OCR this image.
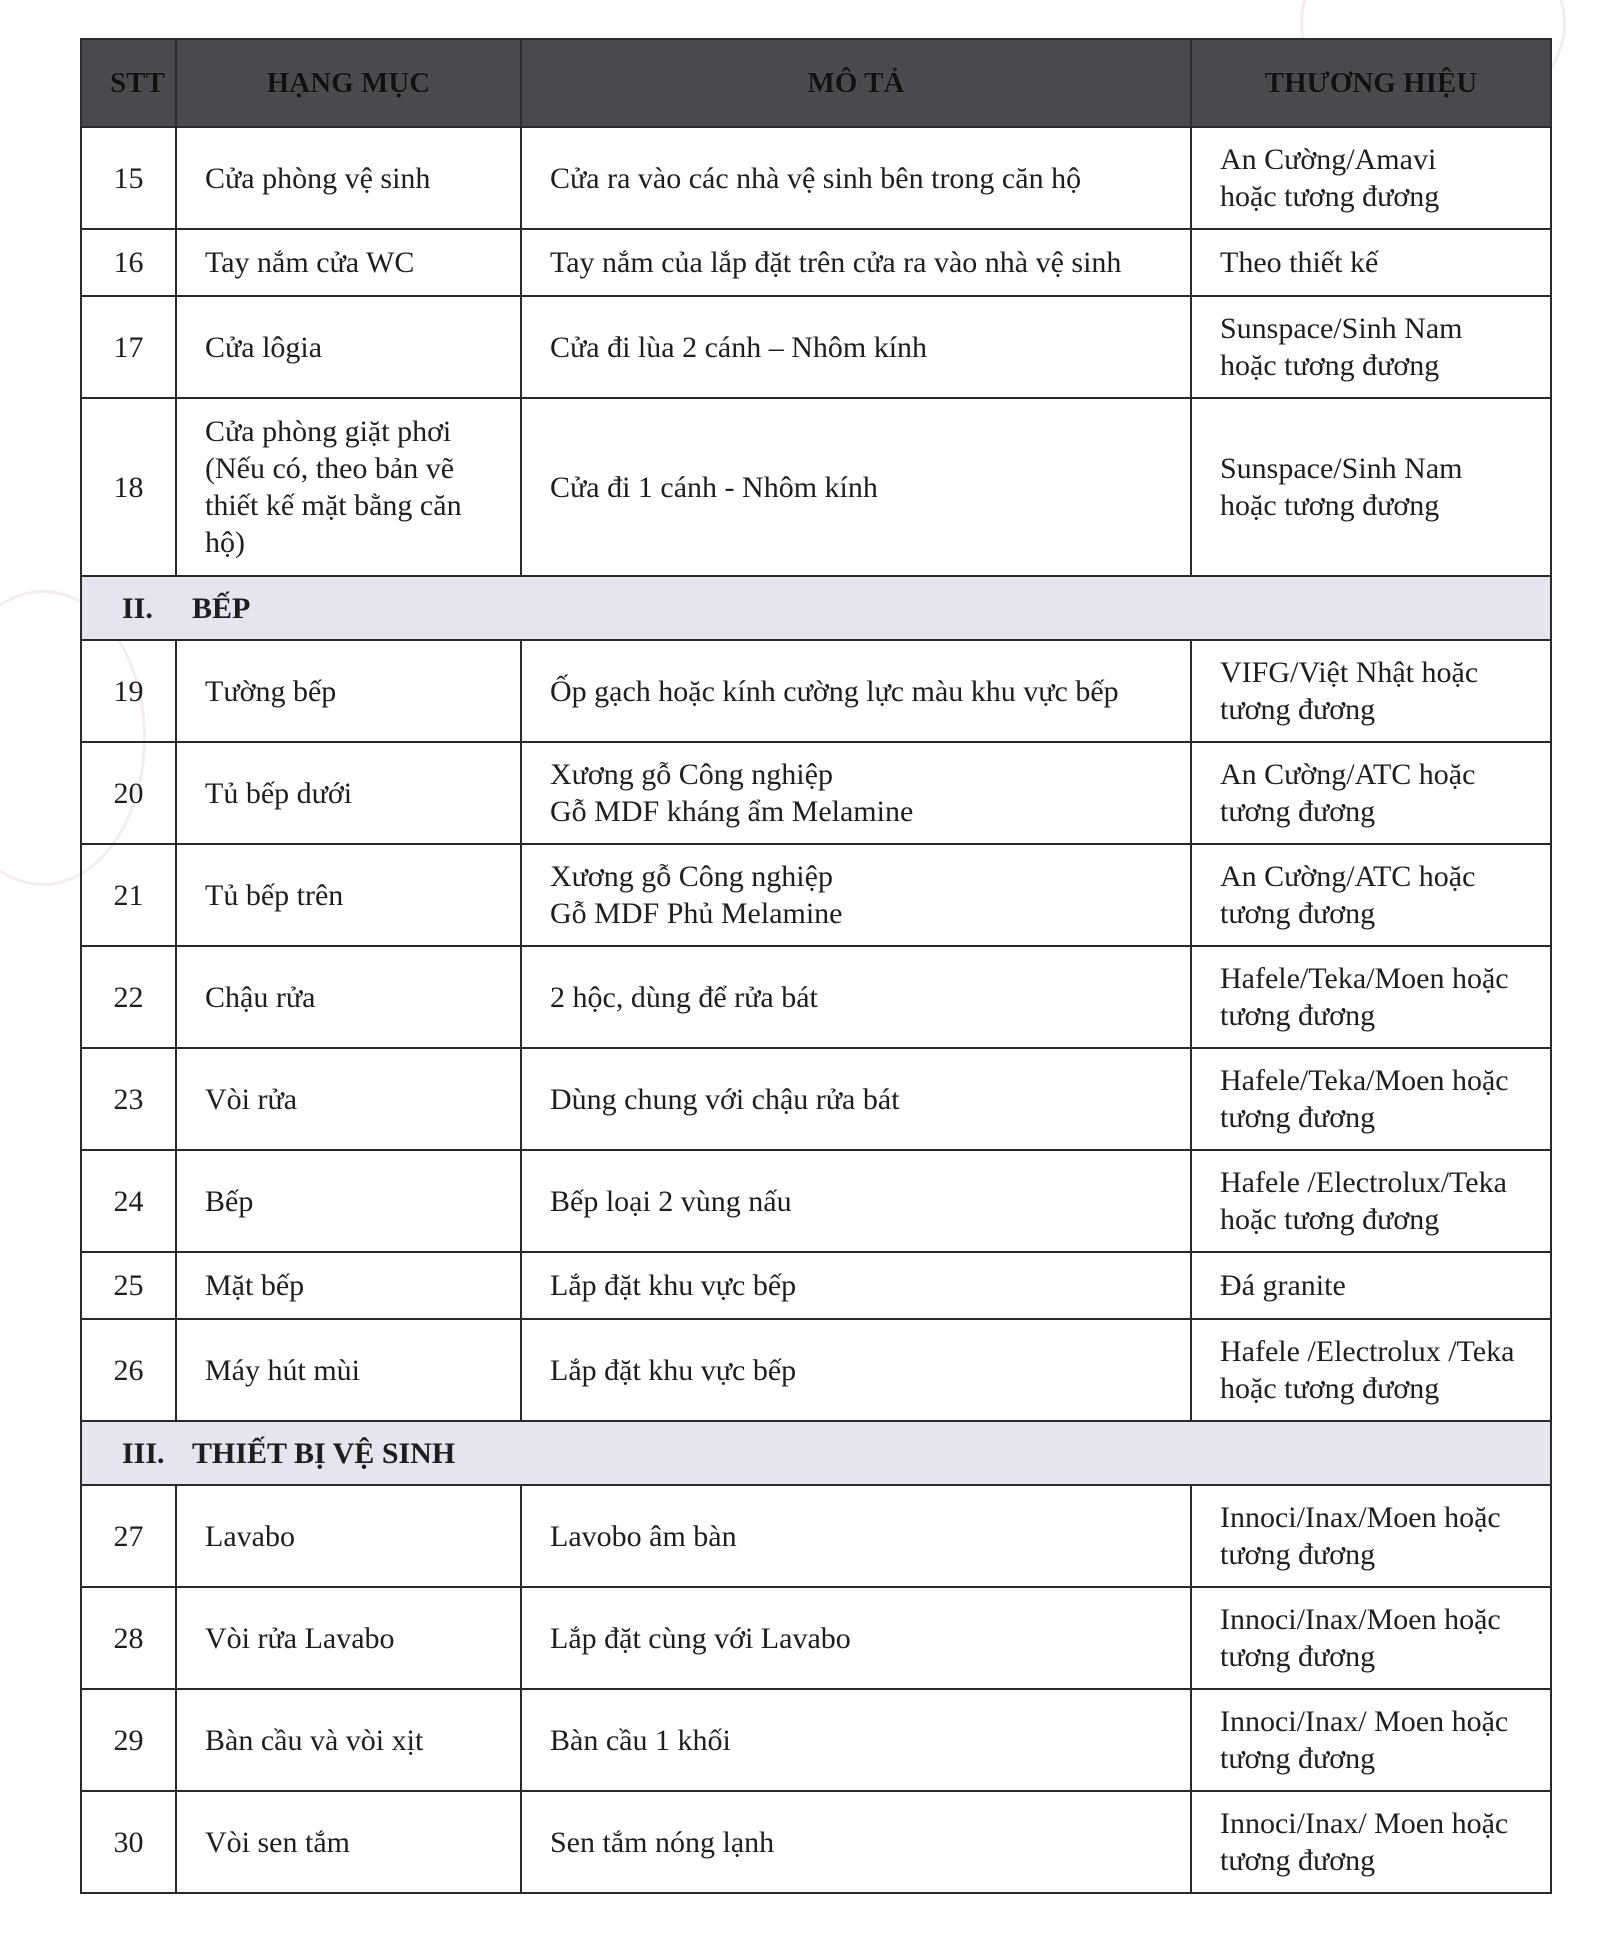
STT	HẠNG MỤC	MÔ TẢ	THƯƠNG HIỆU
15	Cửa phòng vệ sinh	Cửa ra vào các nhà vệ sinh bên trong căn hộ	An Cường/Amavi
hoặc tương đương

16	Tay nắm cửa WC	Tay nắm của lắp đặt trên cửa ra vào nhà vệ sinh	Theo thiết kế

17	Cửa lôgia	Cửa đi lùa 2 cánh – Nhôm kính	Sunspace/Sinh Nam
hoặc tương đương

18	Cửa phòng giặt phơi
(Nếu có, theo bản vẽ
thiết kế mặt bằng căn
hộ)	Cửa đi 1 cánh - Nhôm kính	Sunspace/Sinh Nam
hoặc tương đương

II. BẾP			
19	Tường bếp	Ốp gạch hoặc kính cường lực màu khu vực bếp	VIFG/Việt Nhật hoặc
tương đương

20	Tủ bếp dưới	Xương gỗ Công nghiệp
Gỗ MDF kháng ẩm Melamine	An Cường/ATC hoặc
tương đương

21	Tủ bếp trên	Xương gỗ Công nghiệp
Gỗ MDF Phủ Melamine	An Cường/ATC hoặc
tương đương

22	Chậu rửa	2 hộc, dùng để rửa bát	Hafele/Teka/Moen hoặc
tương đương

23	Vòi rửa	Dùng chung với chậu rửa bát	Hafele/Teka/Moen hoặc
tương đương

24	Bếp	Bếp loại 2 vùng nấu	Hafele /Electrolux/Teka
hoặc tương đương

25	Mặt bếp	Lắp đặt khu vực bếp	Đá granite

26	Máy hút mùi	Lắp đặt khu vực bếp	Hafele /Electrolux /Teka
hoặc tương đương

III. THIẾT BỊ VỆ SINH			
27	Lavabo	Lavobo âm bàn	Innoci/Inax/Moen hoặc
tương đương

28	Vòi rửa Lavabo	Lắp đặt cùng với Lavabo	Innoci/Inax/Moen hoặc
tương đương

29	Bàn cầu và vòi xịt	Bàn cầu 1 khối	Innoci/Inax/ Moen hoặc
tương đương

30	Vòi sen tắm	Sen tắm nóng lạnh	Innoci/Inax/ Moen hoặc
tương đương
